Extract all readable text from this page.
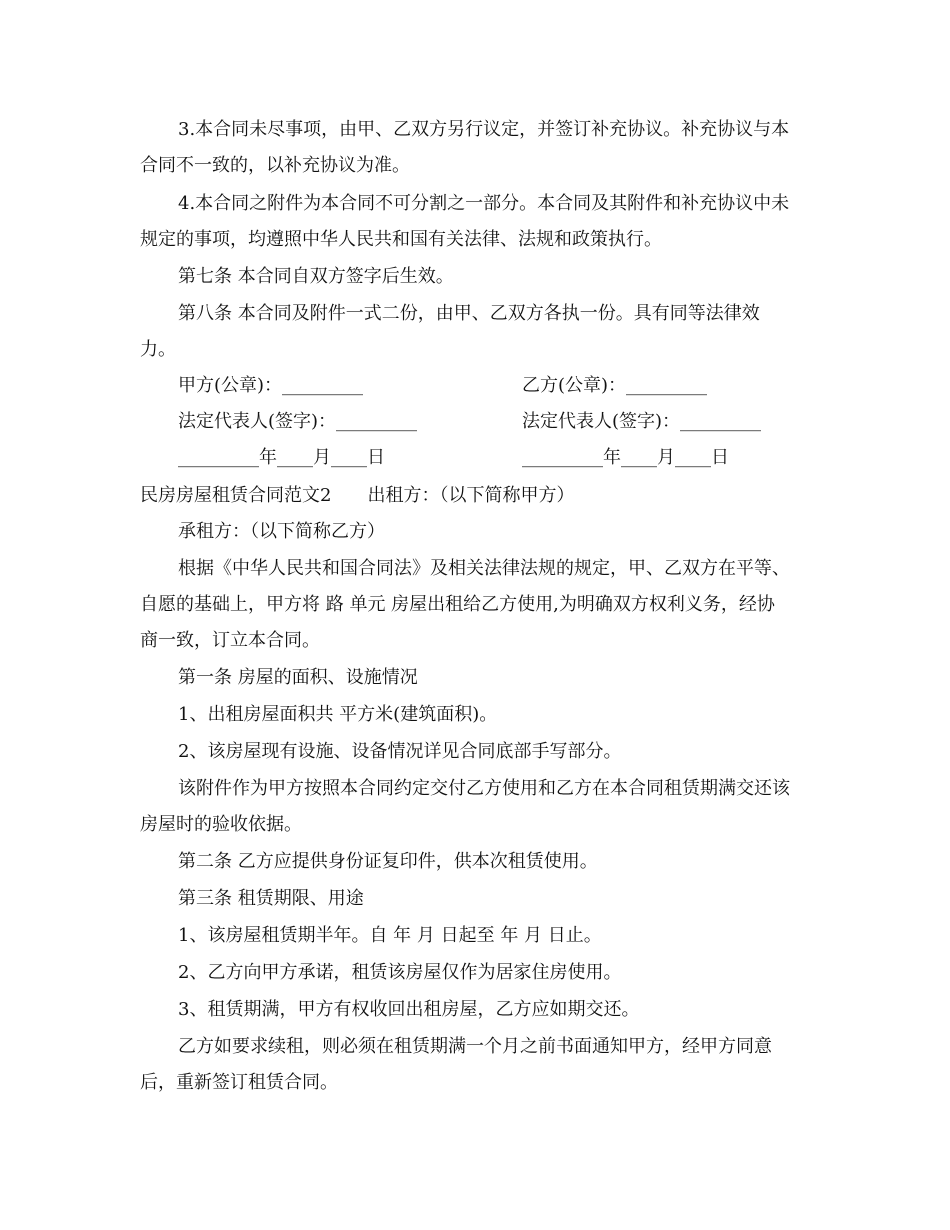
3.本合同未尽事项，由甲、乙双方另行议定，并签订补充协议。补充协议与本

合同不一致的，以补充协议为准。

4.本合同之附件为本合同不可分割之一部分。本合同及其附件和补充协议中未

规定的事项，均遵照中华人民共和国有关法律、法规和政策执行。

第七条 本合同自双方签字后生效。

第八条 本合同及附件一式二份，由甲、乙双方各执一份。具有同等法律效

力。

甲方(公章)：_________	乙方(公章)：_________
法定代表人(签字)：_________	法定代表人(签字)：_________
_________年____月____日	_________年____月____日

民房房屋租赁合同范文2　　出租方：（以下简称甲方）

承租方：（以下简称乙方）

根据《中华人民共和国合同法》及相关法律法规的规定，甲、乙双方在平等、

自愿的基础上，甲方将 路 单元 房屋出租给乙方使用,为明确双方权利义务，经协

商一致，订立本合同。

第一条 房屋的面积、设施情况

1、出租房屋面积共 平方米(建筑面积)。

2、该房屋现有设施、设备情况详见合同底部手写部分。

该附件作为甲方按照本合同约定交付乙方使用和乙方在本合同租赁期满交还该

房屋时的验收依据。

第二条 乙方应提供身份证复印件，供本次租赁使用。

第三条 租赁期限、用途

1、该房屋租赁期半年。自 年 月 日起至 年 月 日止。

2、乙方向甲方承诺，租赁该房屋仅作为居家住房使用。

3、租赁期满，甲方有权收回出租房屋，乙方应如期交还。

乙方如要求续租，则必须在租赁期满一个月之前书面通知甲方，经甲方同意

后，重新签订租赁合同。
